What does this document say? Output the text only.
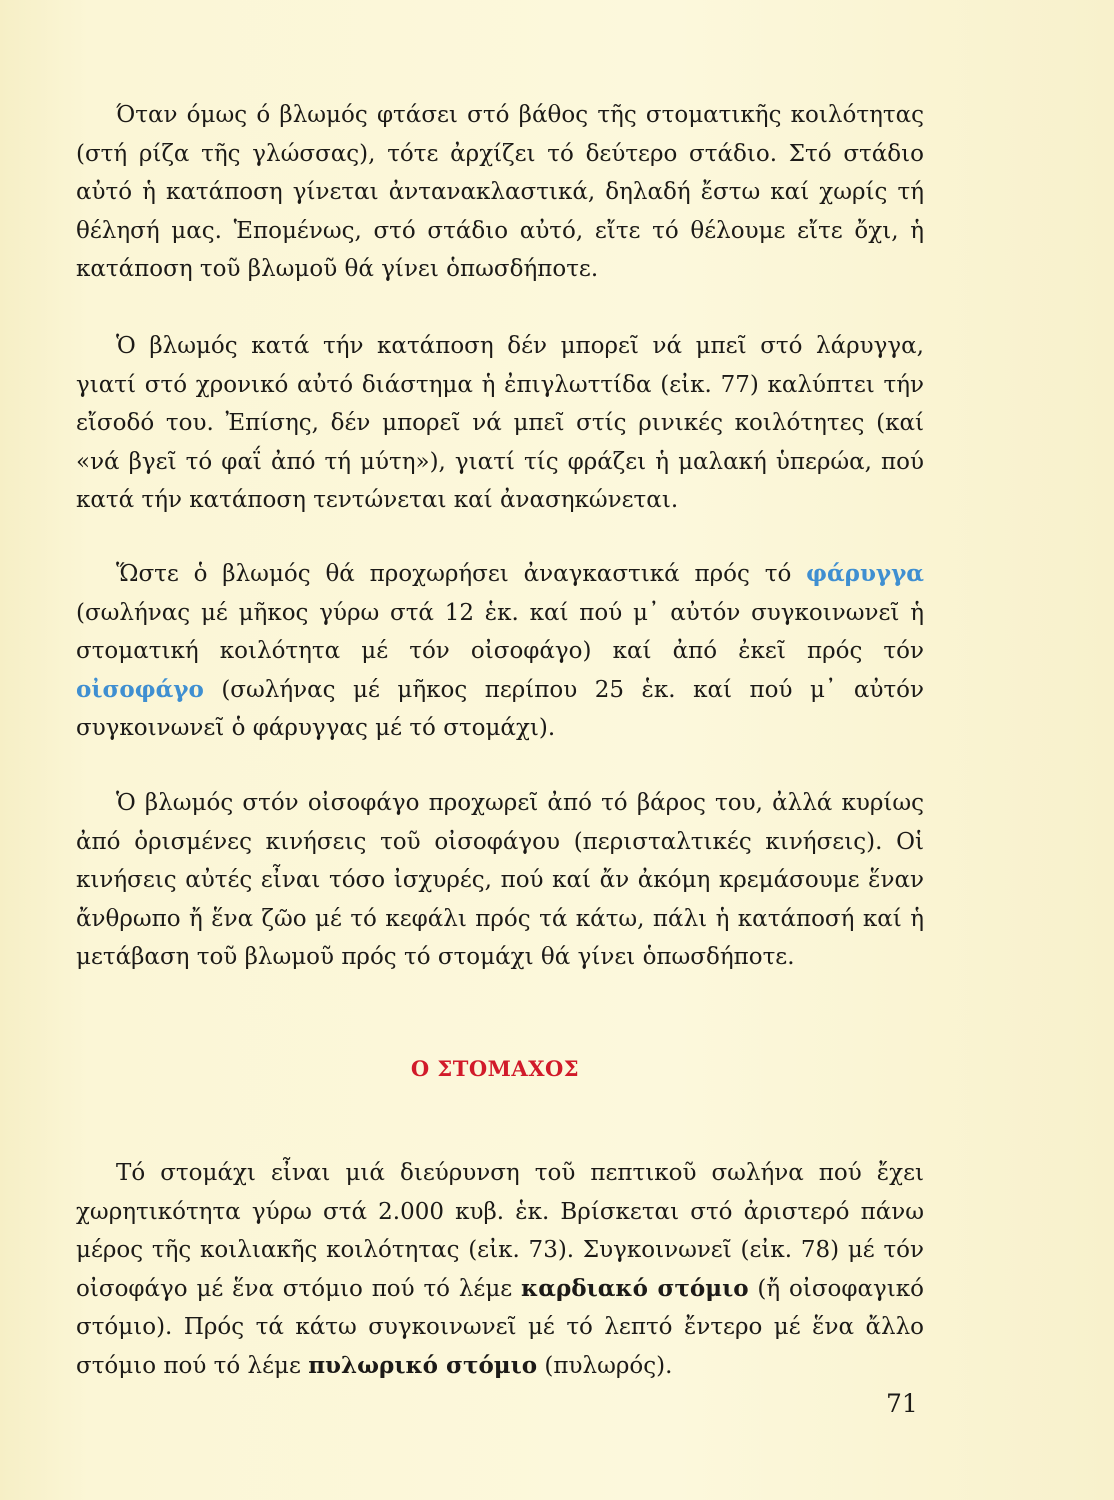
Όταν όμως ό βλωμός φτάσει στό βάθος τῆς στοματικῆς κοιλότητας (στή ρίζα τῆς γλώσσας), τότε ἀρχίζει τό δεύτερο στάδιο. Στό στάδιο αὐτό ἡ κατάποση γίνεται ἀντανακλαστικά, δηλαδή ἔστω καί χωρίς τή θέλησή μας. Ἑπομένως, στό στάδιο αὐτό, εἴτε τό θέλουμε εἴτε ὄχι, ἡ κατάποση τοῦ βλωμοῦ θά γίνει ὁπωσδήποτε.

Ὁ βλωμός κατά τήν κατάποση δέν μπορεῖ νά μπεῖ στό λάρυγγα, γιατί στό χρονικό αὐτό διάστημα ἡ ἐπιγλωττίδα (εἰκ. 77) καλύπτει τήν εἴσοδό του. Ἐπίσης, δέν μπορεῖ νά μπεῖ στίς ρινικές κοιλότητες (καί «νά βγεῖ τό φαΐ ἀπό τή μύτη»), γιατί τίς φράζει ἡ μαλακή ὑπερώα, πού κατά τήν κατάποση τεντώνεται καί ἀνασηκώνεται.

Ὥστε ὁ βλωμός θά προχωρήσει ἀναγκαστικά πρός τό φάρυγγα (σωλήνας μέ μῆκος γύρω στά 12 ἑκ. καί πού μ᾽ αὐτόν συγκοινωνεῖ ἡ στοματική κοιλότητα μέ τόν οἰσοφάγο) καί ἀπό ἐκεῖ πρός τόν οἰσοφάγο (σωλήνας μέ μῆκος περίπου 25 ἑκ. καί πού μ᾽ αὐτόν συγκοινωνεῖ ὁ φάρυγγας μέ τό στομάχι).

Ὁ βλωμός στόν οἰσοφάγο προχωρεῖ ἀπό τό βάρος του, ἀλλά κυρίως ἀπό ὁρισμένες κινήσεις τοῦ οἰσοφάγου (περισταλτικές κινήσεις). Οἱ κινήσεις αὐτές εἶναι τόσο ἰσχυρές, πού καί ἄν ἀκόμη κρεμάσουμε ἕναν ἄνθρωπο ἤ ἕνα ζῶο μέ τό κεφάλι πρός τά κάτω, πάλι ἡ κατάποσή καί ἡ μετάβαση τοῦ βλωμοῦ πρός τό στομάχι θά γίνει ὁπωσδήποτε.

Ο ΣΤΟΜΑΧΟΣ

Τό στομάχι εἶναι μιά διεύρυνση τοῦ πεπτικοῦ σωλήνα πού ἔχει χωρητικότητα γύρω στά 2.000 κυβ. ἑκ. Βρίσκεται στό ἀριστερό πάνω μέρος τῆς κοιλιακῆς κοιλότητας (εἰκ. 73). Συγκοινωνεῖ (εἰκ. 78) μέ τόν οἰσοφάγο μέ ἕνα στόμιο πού τό λέμε καρδιακό στόμιο (ἤ οἰσοφαγικό στόμιο). Πρός τά κάτω συγκοινωνεῖ μέ τό λεπτό ἔντερο μέ ἕνα ἄλλο στόμιο πού τό λέμε πυλωρικό στόμιο (πυλωρός).

71
